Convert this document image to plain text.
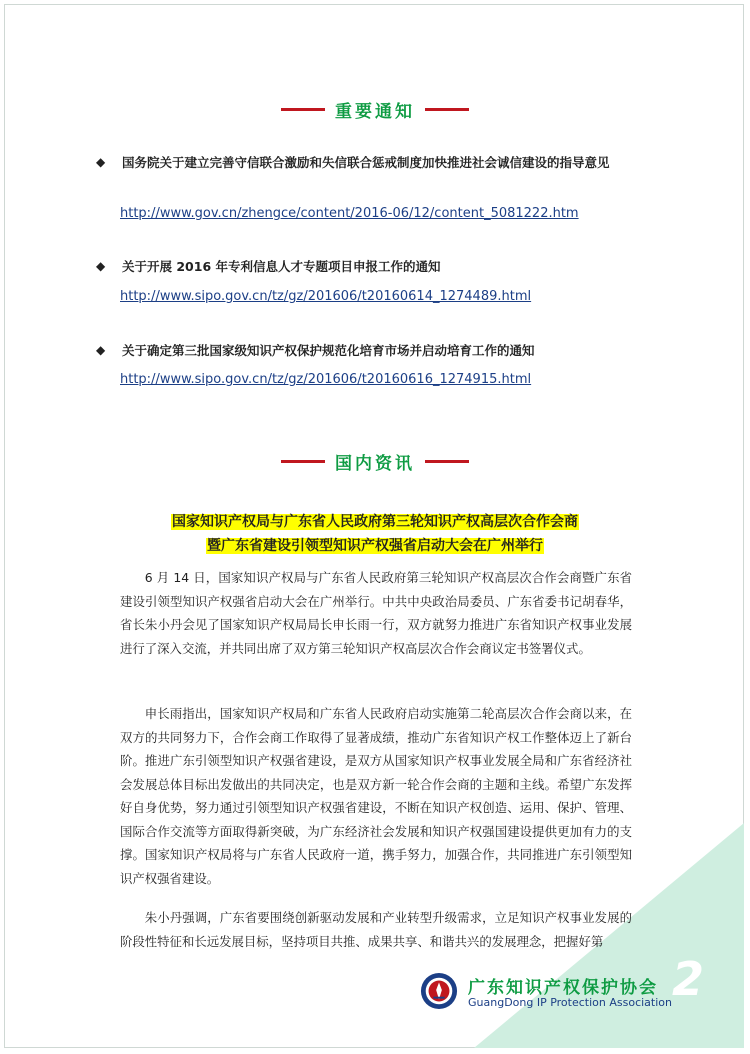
重要通知
◆ 国务院关于建立完善守信联合激励和失信联合惩戒制度加快推进社会诚信建设的指导意见
http://www.gov.cn/zhengce/content/2016-06/12/content_5081222.htm
◆ 关于开展 2016 年专利信息人才专题项目申报工作的通知
http://www.sipo.gov.cn/tz/gz/201606/t20160614_1274489.html
◆ 关于确定第三批国家级知识产权保护规范化培育市场并启动培育工作的通知
http://www.sipo.gov.cn/tz/gz/201606/t20160616_1274915.html
国内资讯
国家知识产权局与广东省人民政府第三轮知识产权高层次合作会商
暨广东省建设引领型知识产权强省启动大会在广州举行
6 月 14 日，国家知识产权局与广东省人民政府第三轮知识产权高层次合作会商暨广东省建设引领型知识产权强省启动大会在广州举行。中共中央政治局委员、广东省委书记胡春华，省长朱小丹会见了国家知识产权局局长申长雨一行，双方就努力推进广东省知识产权事业发展进行了深入交流，并共同出席了双方第三轮知识产权高层次合作会商议定书签署仪式。
申长雨指出，国家知识产权局和广东省人民政府启动实施第二轮高层次合作会商以来，在双方的共同努力下，合作会商工作取得了显著成绩，推动广东省知识产权工作整体迈上了新台阶。推进广东引领型知识产权强省建设，是双方从国家知识产权事业发展全局和广东省经济社会发展总体目标出发做出的共同决定，也是双方新一轮合作会商的主题和主线。希望广东发挥好自身优势，努力通过引领型知识产权强省建设，不断在知识产权创造、运用、保护、管理、国际合作交流等方面取得新突破，为广东经济社会发展和知识产权强国建设提供更加有力的支撑。国家知识产权局将与广东省人民政府一道，携手努力，加强合作，共同推进广东引领型知识产权强省建设。
朱小丹强调，广东省要围绕创新驱动发展和产业转型升级需求，立足知识产权事业发展的阶段性特征和长远发展目标，坚持项目共推、成果共享、和谐共兴的发展理念，把握好第
广东知识产权保护协会
GuangDong IP Protection Association 2
